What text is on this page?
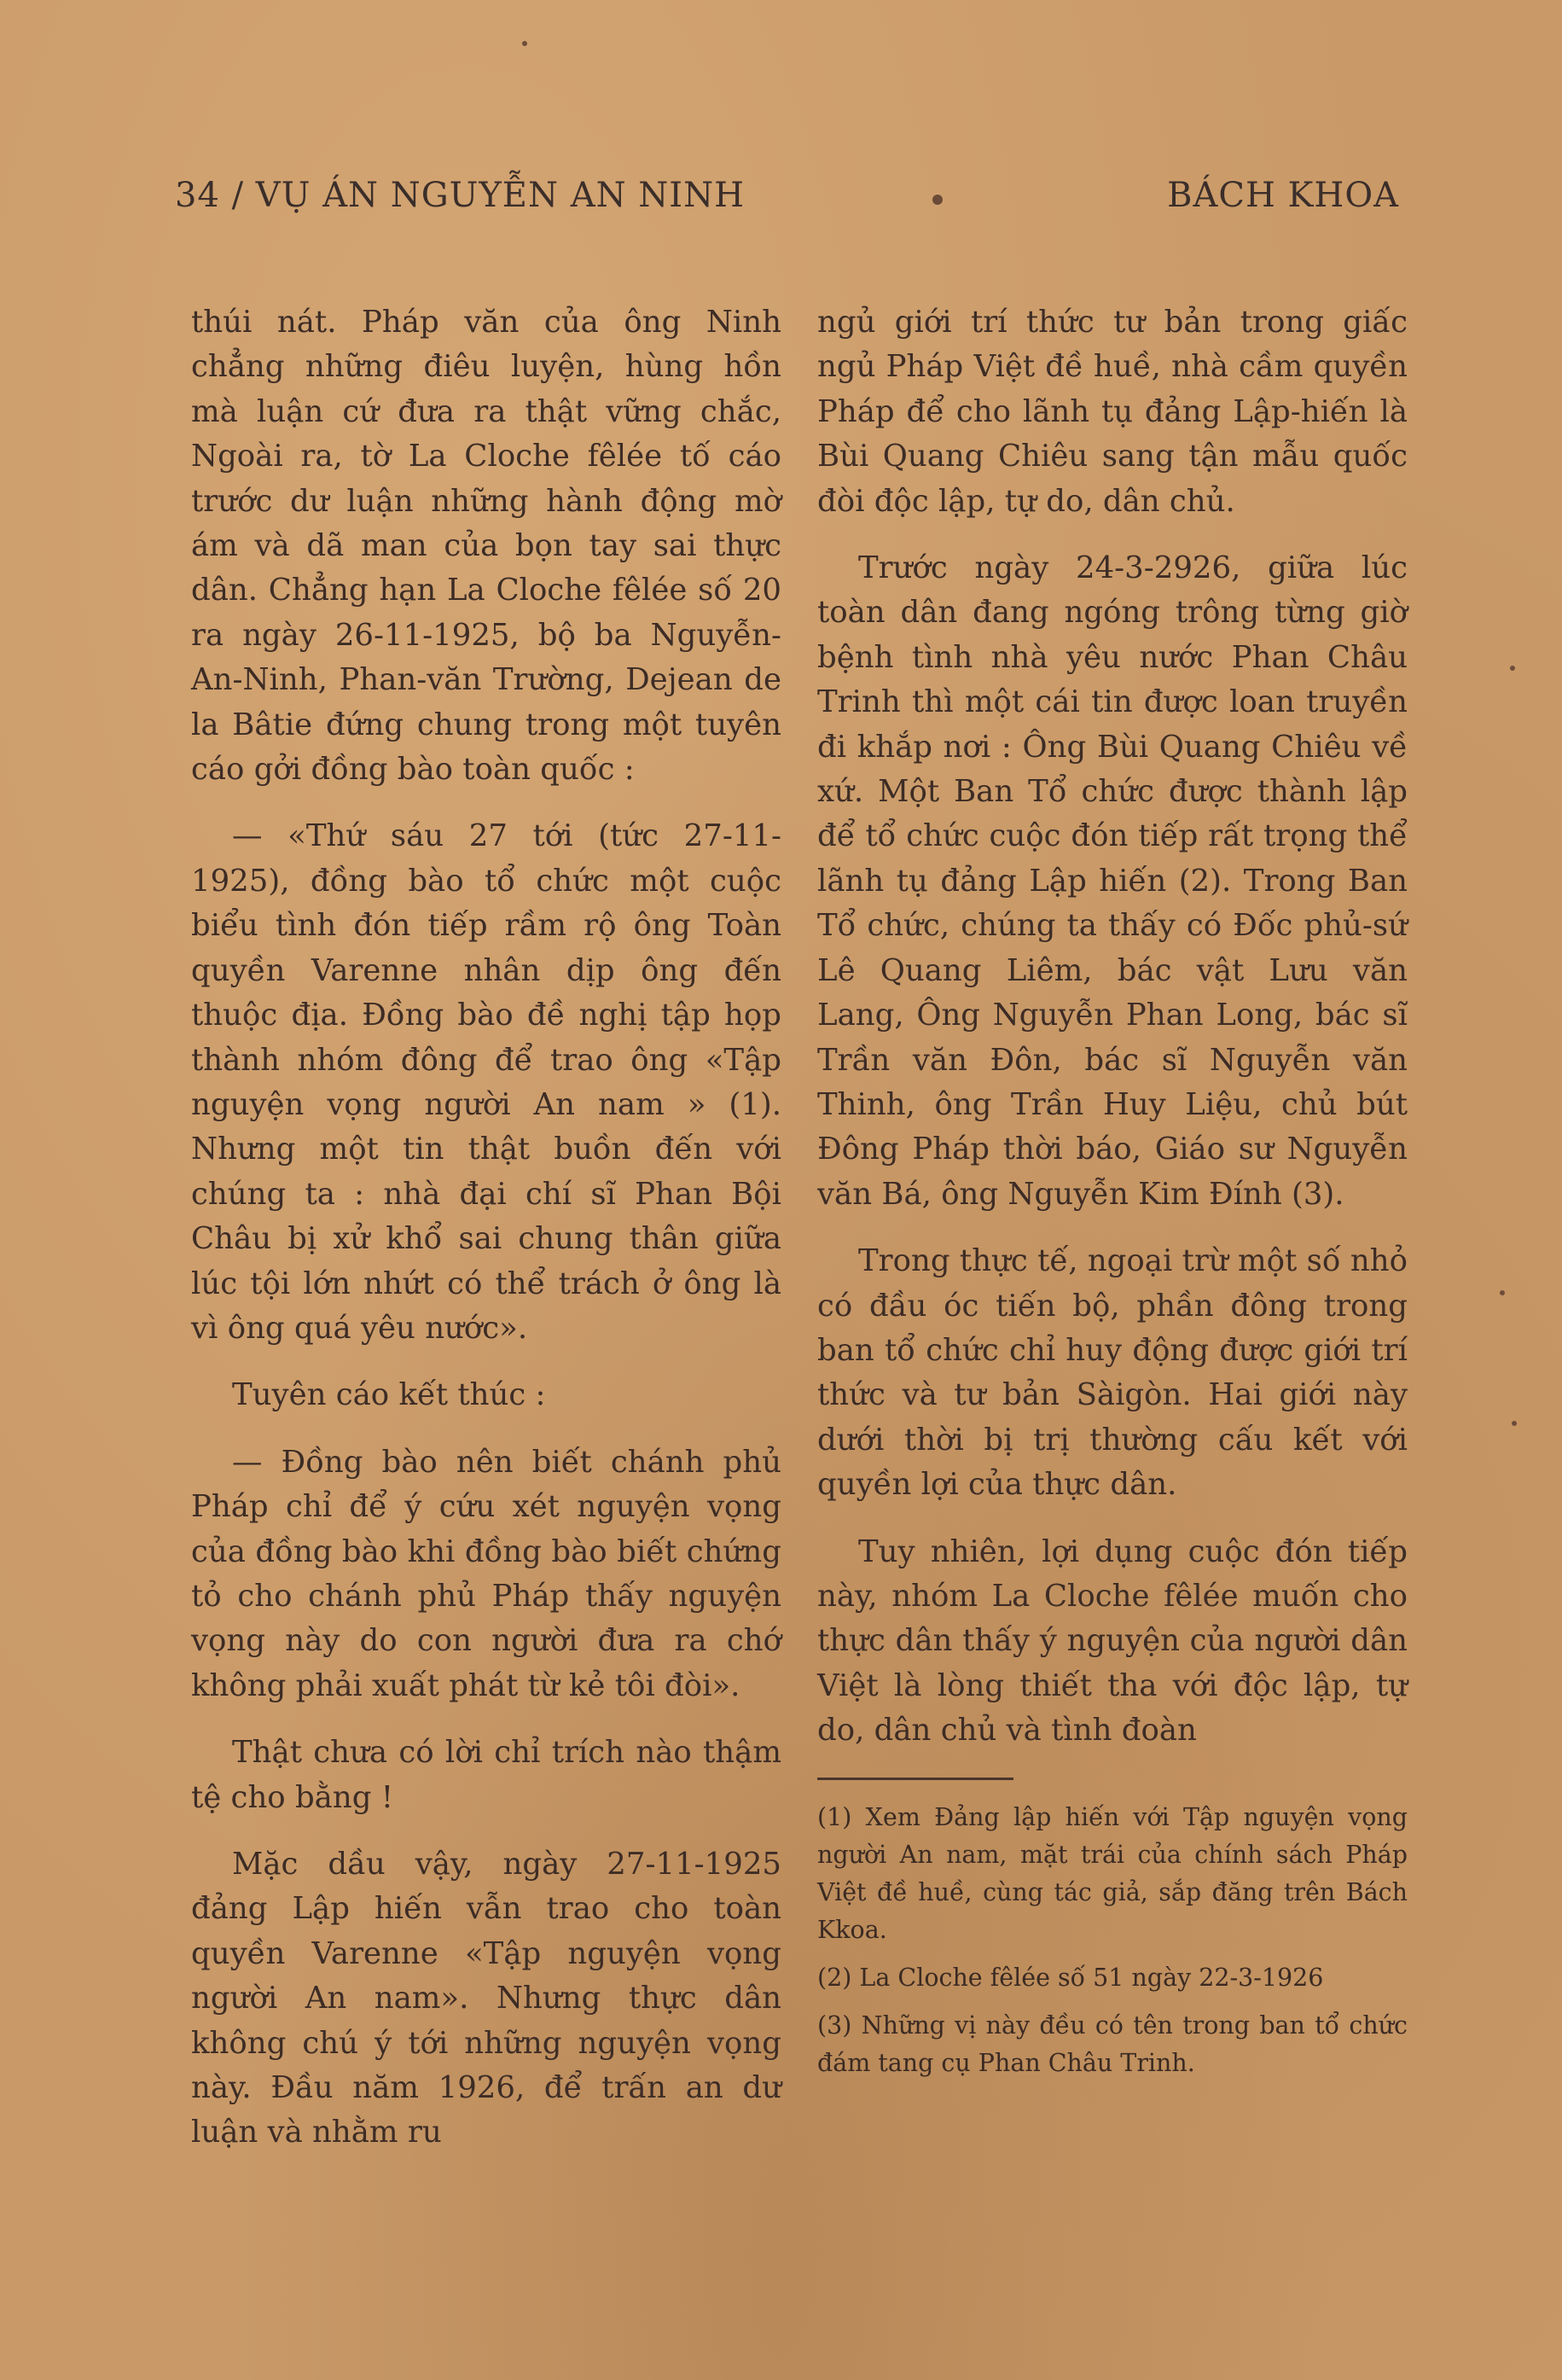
34 / VỤ ÁN NGUYỄN AN NINH	BÁCH KHOA

thúi nát. Pháp văn của ông Ninh chẳng những điêu luyện, hùng hồn mà luận cứ đưa ra thật vững chắc, Ngoài ra, tờ La Cloche fêlée tố cáo trước dư luận những hành động mờ ám và dã man của bọn tay sai thực dân. Chẳng hạn La Cloche fêlée số 20 ra ngày 26-11-1925, bộ ba Nguyễn-An-Ninh, Phan-văn Trường, Dejean de la Bâtie đứng chung trong một tuyên cáo gởi đồng bào toàn quốc :

— «Thứ sáu 27 tới (tức 27-11-1925), đồng bào tổ chức một cuộc biểu tình đón tiếp rầm rộ ông Toàn quyền Varenne nhân dịp ông đến thuộc địa. Đồng bào đề nghị tập họp thành nhóm đông để trao ông «Tập nguyện vọng người An nam » (1). Nhưng một tin thật buồn đến với chúng ta : nhà đại chí sĩ Phan Bội Châu bị xử khổ sai chung thân giữa lúc tội lớn nhứt có thể trách ở ông là vì ông quá yêu nước».

Tuyên cáo kết thúc :

— Đồng bào nên biết chánh phủ Pháp chỉ để ý cứu xét nguyện vọng của đồng bào khi đồng bào biết chứng tỏ cho chánh phủ Pháp thấy nguyện vọng này do con người đưa ra chớ không phải xuất phát từ kẻ tôi đòi».

Thật chưa có lời chỉ trích nào thậm tệ cho bằng !

Mặc dầu vậy, ngày 27-11-1925 đảng Lập hiến vẫn trao cho toàn quyền Varenne «Tập nguyện vọng người An nam». Nhưng thực dân không chú ý tới những nguyện vọng này. Đầu năm 1926, để trấn an dư luận và nhằm ru

ngủ giới trí thức tư bản trong giấc ngủ Pháp Việt đề huề, nhà cầm quyền Pháp để cho lãnh tụ đảng Lập-hiến là Bùi Quang Chiêu sang tận mẫu quốc đòi độc lập, tự do, dân chủ.

Trước ngày 24-3-2926, giữa lúc toàn dân đang ngóng trông từng giờ bệnh tình nhà yêu nước Phan Châu Trinh thì một cái tin được loan truyền đi khắp nơi : Ông Bùi Quang Chiêu về xứ. Một Ban Tổ chức được thành lập để tổ chức cuộc đón tiếp rất trọng thể lãnh tụ đảng Lập hiến (2). Trong Ban Tổ chức, chúng ta thấy có Đốc phủ-sứ Lê Quang Liêm, bác vật Lưu văn Lang, Ông Nguyễn Phan Long, bác sĩ Trần văn Đôn, bác sĩ Nguyễn văn Thinh, ông Trần Huy Liệu, chủ bút Đông Pháp thời báo, Giáo sư Nguyễn văn Bá, ông Nguyễn Kim Đính (3).

Trong thực tế, ngoại trừ một số nhỏ có đầu óc tiến bộ, phần đông trong ban tổ chức chỉ huy động được giới trí thức và tư bản Sàigòn. Hai giới này dưới thời bị trị thường cấu kết với quyền lợi của thực dân.

Tuy nhiên, lợi dụng cuộc đón tiếp này, nhóm La Cloche fêlée muốn cho thực dân thấy ý nguyện của người dân Việt là lòng thiết tha với độc lập, tự do, dân chủ và tình đoàn

(1) Xem Đảng lập hiến với Tập nguyện vọng người An nam, mặt trái của chính sách Pháp Việt đề huề, cùng tác giả, sắp đăng trên Bách Kkoa.

(2) La Cloche fêlée số 51 ngày 22-3-1926

(3) Những vị này đều có tên trong ban tổ chức đám tang cụ Phan Châu Trinh.
